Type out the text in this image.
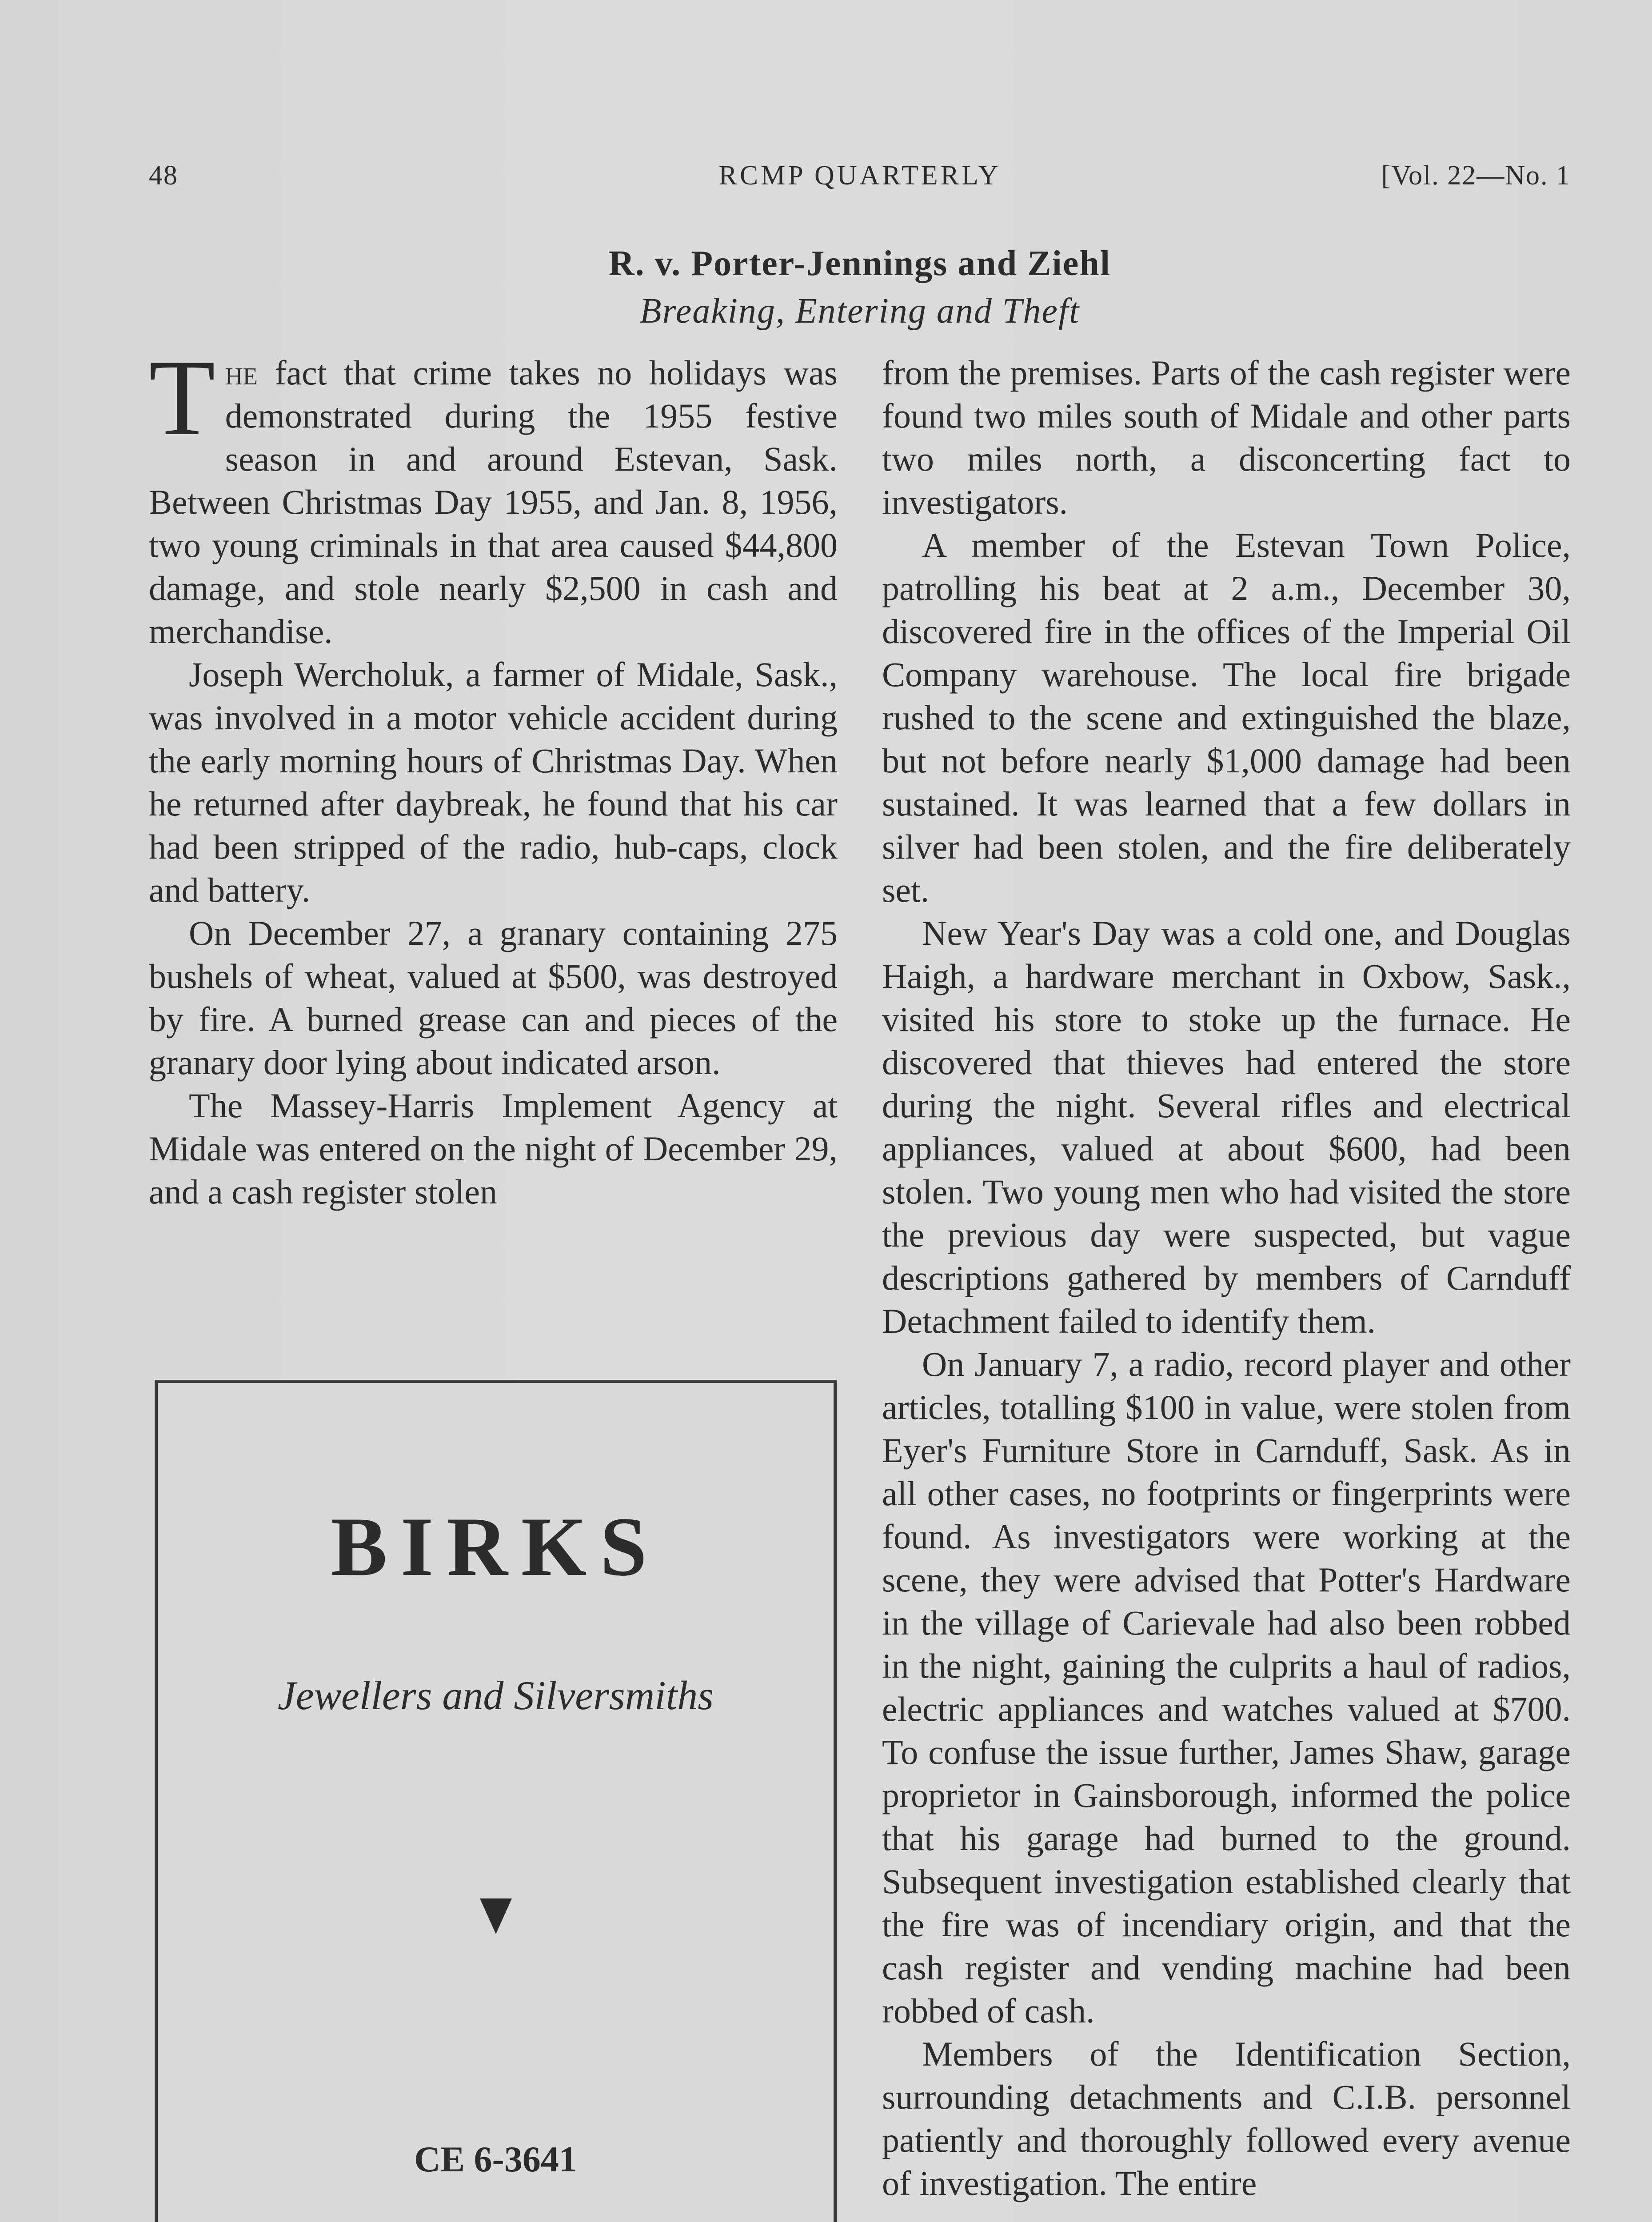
48	RCMP QUARTERLY	[Vol. 22—No. 1
R. v. Porter-Jennings and Ziehl
Breaking, Entering and Theft

The fact that crime takes no holidays was demonstrated during the 1955 festive season in and around Estevan, Sask. Between Christmas Day 1955, and Jan. 8, 1956, two young criminals in that area caused $44,800 damage, and stole nearly $2,500 in cash and merchandise.

Joseph Wercholuk, a farmer of Midale, Sask., was involved in a motor vehicle accident during the early morning hours of Christmas Day. When he returned after daybreak, he found that his car had been stripped of the radio, hub-caps, clock and battery.

On December 27, a granary containing 275 bushels of wheat, valued at $500, was destroyed by fire. A burned grease can and pieces of the granary door lying about indicated arson.

The Massey-Harris Implement Agency at Midale was entered on the night of December 29, and a cash register stolen

from the premises. Parts of the cash register were found two miles south of Midale and other parts two miles north, a disconcerting fact to investigators.

A member of the Estevan Town Police, patrolling his beat at 2 a.m., December 30, discovered fire in the offices of the Imperial Oil Company warehouse. The local fire brigade rushed to the scene and extinguished the blaze, but not before nearly $1,000 damage had been sustained. It was learned that a few dollars in silver had been stolen, and the fire deliberately set.

New Year's Day was a cold one, and Douglas Haigh, a hardware merchant in Oxbow, Sask., visited his store to stoke up the furnace. He discovered that thieves had entered the store during the night. Several rifles and electrical appliances, valued at about $600, had been stolen. Two young men who had visited the store the previous day were suspected, but vague descriptions gathered by members of Carnduff Detachment failed to identify them.

On January 7, a radio, record player and other articles, totalling $100 in value, were stolen from Eyer's Furniture Store in Carnduff, Sask. As in all other cases, no footprints or fingerprints were found. As investigators were working at the scene, they were advised that Potter's Hardware in the village of Carievale had also been robbed in the night, gaining the culprits a haul of radios, electric appliances and watches valued at $700. To confuse the issue further, James Shaw, garage proprietor in Gainsborough, informed the police that his garage had burned to the ground. Subsequent investigation established clearly that the fire was of incendiary origin, and that the cash register and vending machine had been robbed of cash.

Members of the Identification Section, surrounding detachments and C.I.B. personnel patiently and thoroughly followed every avenue of investigation. The entire

BIRKS
Jewellers and Silversmiths
CE 6-3641
